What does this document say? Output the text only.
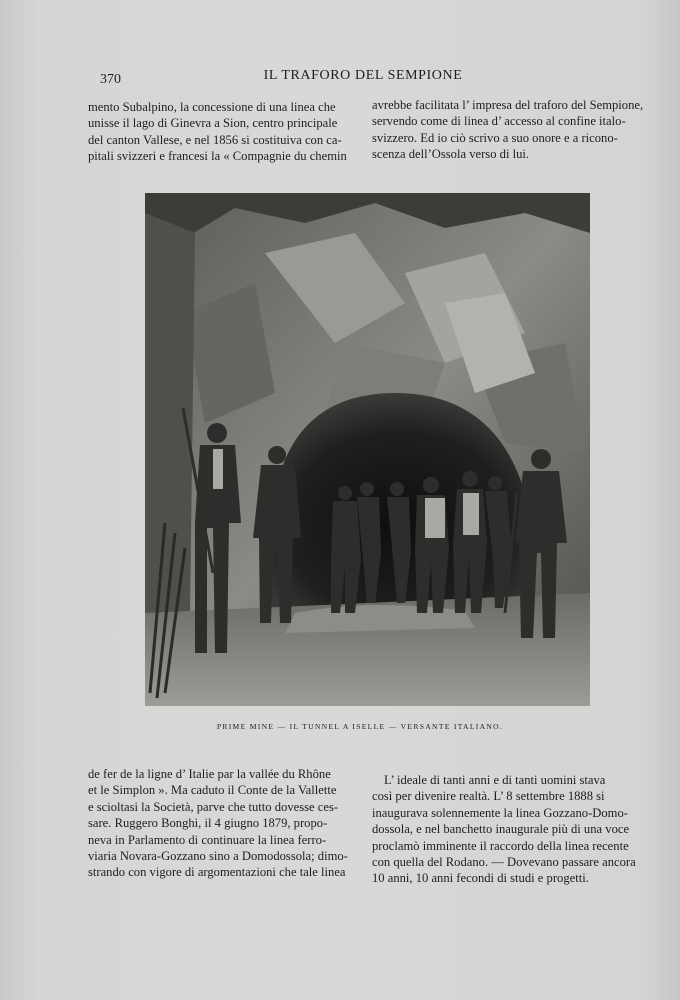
370	IL TRAFORO DEL SEMPIONE
mento Subalpino, la concessione di una linea che
unisse il lago di Ginevra a Sion, centro principale
del canton Vallese, e nel 1856 si costituiva con ca-
pitali svizzeri e francesi la « Compagnie du chemin
avrebbe facilitata l’ impresa del traforo del Sempione,
servendo come di linea d’ accesso al confine italo-
svizzero. Ed io ciò scrivo a suo onore e a ricono-
scenza dell’Ossola verso di lui.
PRIME MINE — IL TUNNEL A ISELLE — VERSANTE ITALIANO.
de fer de la ligne d’ Italie par la vallée du Rhône
et le Simplon ». Ma caduto il Conte de la Vallette
e scioltasi la Società, parve che tutto dovesse ces-
sare. Ruggero Bonghi, il 4 giugno 1879, propo-
neva in Parlamento di continuare la linea ferro-
viaria Novara-Gozzano sino a Domodossola; dimo-
strando con vigore di argomentazioni che tale linea
L’ ideale di tanti anni e di tanti uomini stava
così per divenire realtà. L’ 8 settembre 1888 si
inaugurava solennemente la linea Gozzano-Domo-
dossola, e nel banchetto inaugurale più di una voce
proclamò imminente il raccordo della linea recente
con quella del Rodano. — Dovevano passare ancora
10 anni, 10 anni fecondi di studi e progetti.
